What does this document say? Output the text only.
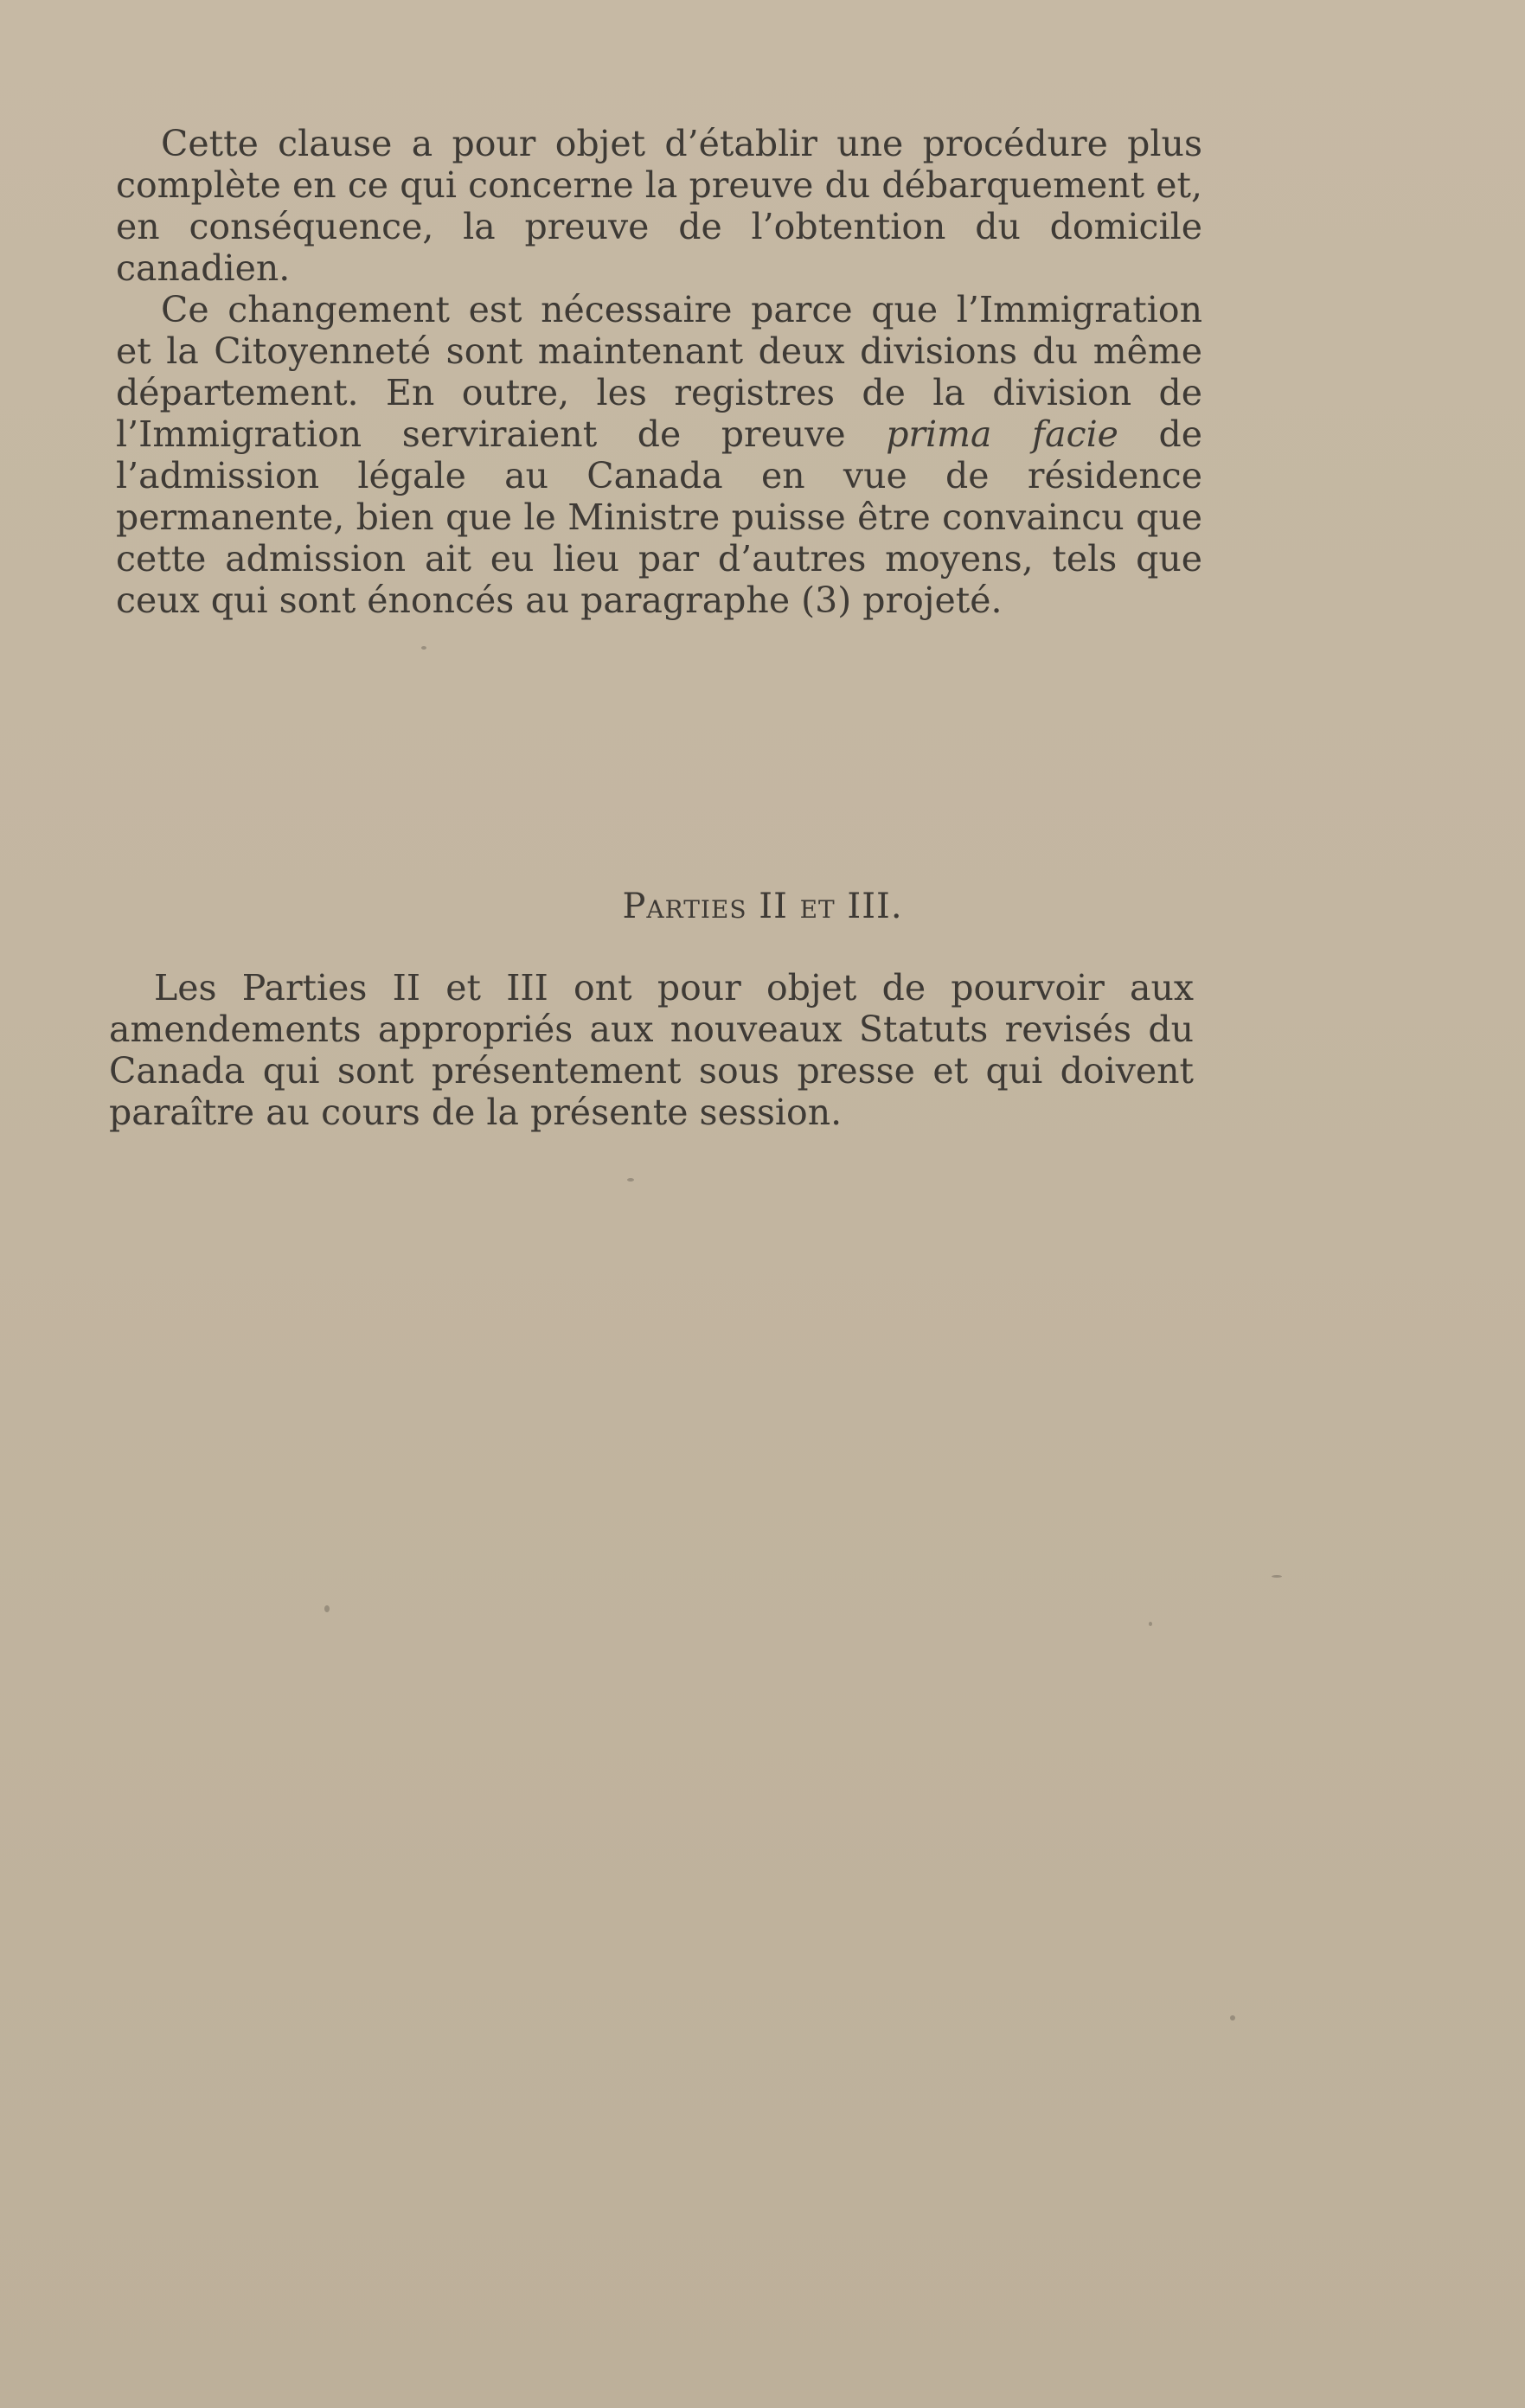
Cette clause a pour objet d’établir une procédure plus complète en ce qui concerne la preuve du débarquement et, en conséquence, la preuve de l’obtention du domicile canadien.

Ce changement est nécessaire parce que l’Immigration et la Citoyenneté sont maintenant deux divisions du même département. En outre, les registres de la division de l’Immigration serviraient de preuve prima facie de l’admission légale au Canada en vue de résidence permanente, bien que le Ministre puisse être convaincu que cette admission ait eu lieu par d’autres moyens, tels que ceux qui sont énoncés au paragraphe (3) projeté.

Parties II et III.

Les Parties II et III ont pour objet de pourvoir aux amendements appropriés aux nouveaux Statuts revisés du Canada qui sont présentement sous presse et qui doivent paraître au cours de la présente session.
